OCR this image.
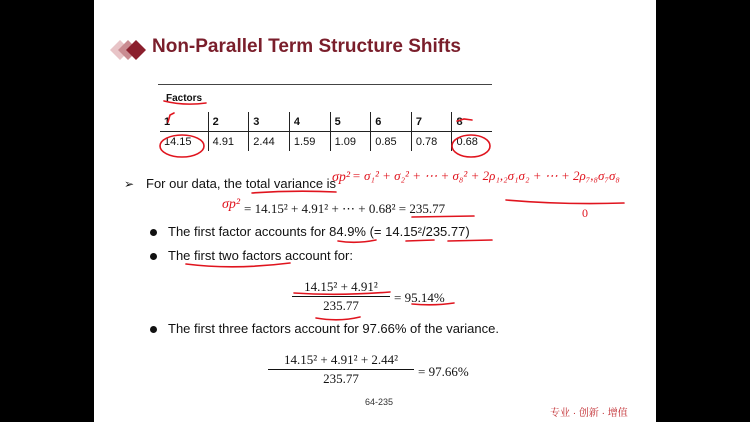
Non-Parallel Term Structure Shifts
Factors
1	2	3	4	5	6	7	8
14.15	4.91	2.44	1.59	1.09	0.85	0.78	0.68
➢ For our data, the total variance is
= 14.15² + 4.91² + ⋯ + 0.68² = 235.77
The first factor accounts for 84.9% (= 14.15²/235.77)
The first two factors account for:
14.15² + 4.91²
235.77
= 95.14%
The first three factors account for 97.66% of the variance.
14.15² + 4.91² + 2.44²
235.77	= 97.66%
64-235
专业 · 创新 · 增值
= σ₁² + σ₂² + ⋯ + σ₈² + 2ρ₁,₂σ₁σ₂ + ⋯ + 2ρ₇,₈σ₇σ₈
σp²
σp²
0
